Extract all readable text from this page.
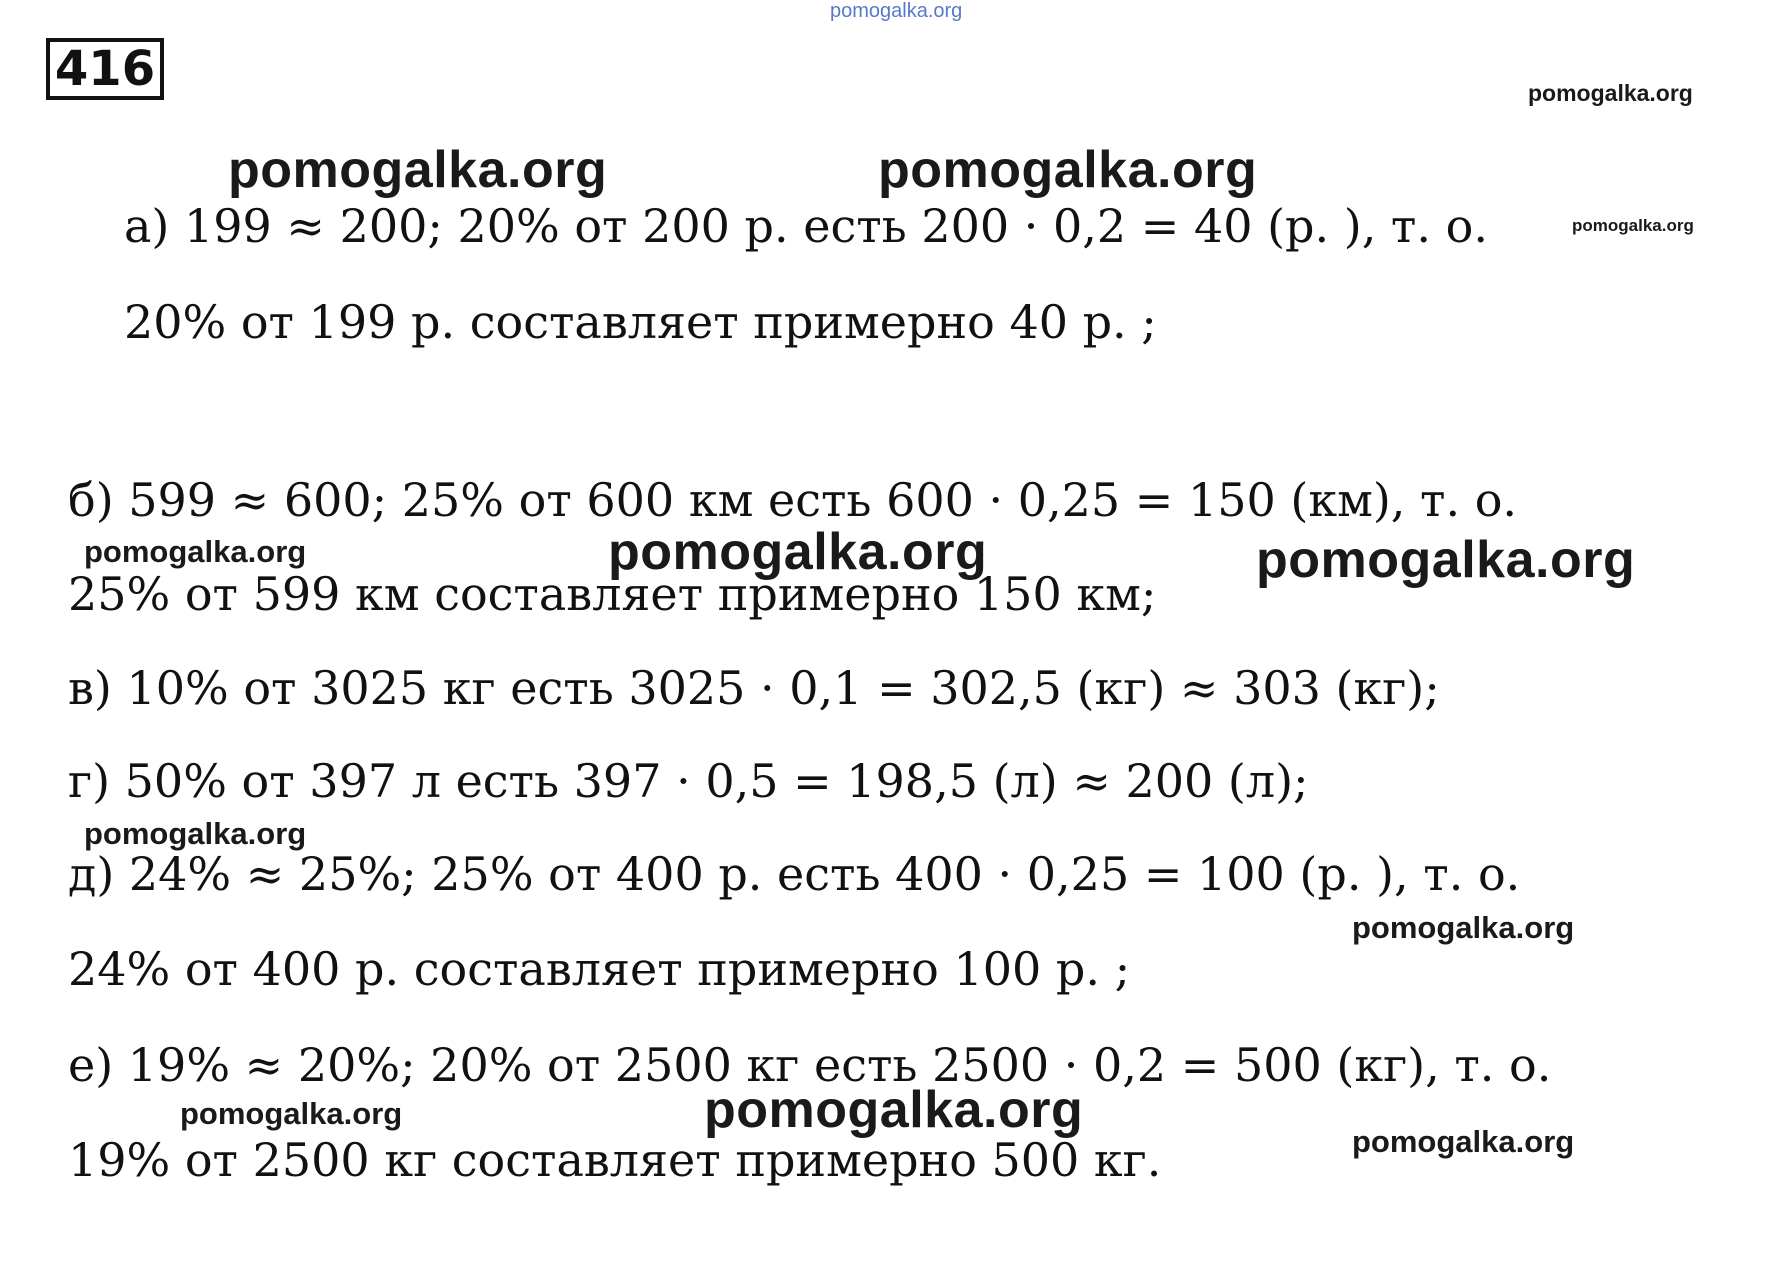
416
pomogalka.org
pomogalka.org
pomogalka.org	pomogalka.org
pomogalka.org
pomogalka.org	pomogalka.org	pomogalka.org
pomogalka.org
pomogalka.org
pomogalka.org	pomogalka.org
pomogalka.org
а) 199 ≈ 200; 20% от 200 р. есть 200 · 0,2 = 40 (р. ), т. о.
20% от 199 р. составляет примерно 40 р. ;
б) 599 ≈ 600; 25% от 600 км есть 600 · 0,25 = 150 (км), т. о.
25% от 599 км составляет примерно 150 км;
в) 10% от 3025 кг есть 3025 · 0,1 = 302,5 (кг) ≈ 303 (кг);
г) 50% от 397 л есть 397 · 0,5 = 198,5 (л) ≈ 200 (л);
д) 24% ≈ 25%; 25% от 400 р. есть 400 · 0,25 = 100 (р. ), т. о.
24% от 400 р. составляет примерно 100 р. ;
е) 19% ≈ 20%; 20% от 2500 кг есть 2500 · 0,2 = 500 (кг), т. о.
19% от 2500 кг составляет примерно 500 кг.
